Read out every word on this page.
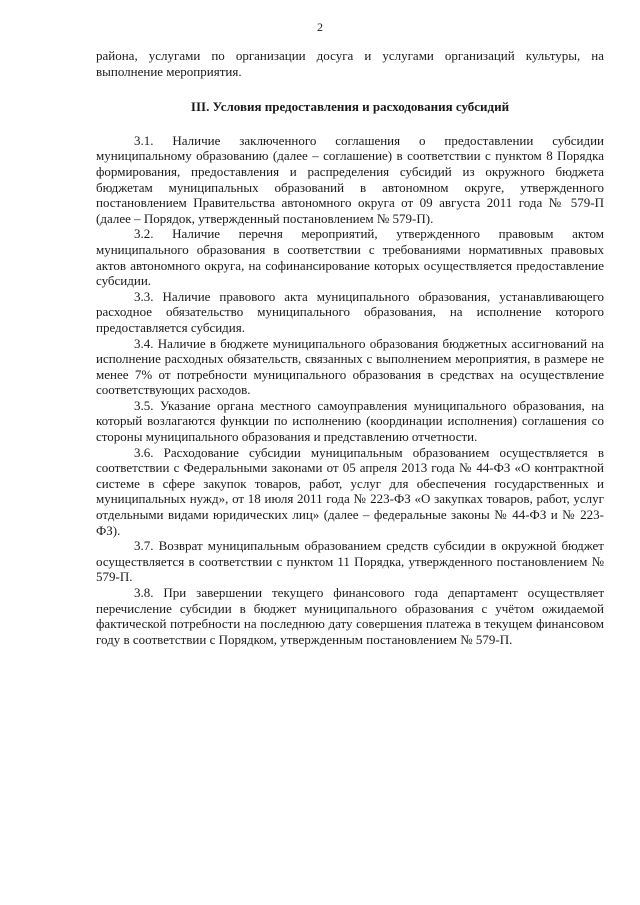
2

района, услугами по организации досуга и услугами организаций культуры, на выполнение мероприятия.

III. Условия предоставления и расходования субсидий

3.1. Наличие заключенного соглашения о предоставлении субсидии муниципальному образованию (далее – соглашение) в соответствии с пунктом 8 Порядка формирования, предоставления и распределения субсидий из окружного бюджета бюджетам муниципальных образований в автономном округе, утвержденного постановлением Правительства автономного округа от 09 августа 2011 года № 579-П (далее – Порядок, утвержденный постановлением № 579-П).

3.2. Наличие перечня мероприятий, утвержденного правовым актом муниципального образования в соответствии с требованиями нормативных правовых актов автономного округа, на софинансирование которых осуществляется предоставление субсидии.

3.3. Наличие правового акта муниципального образования, устанавливающего расходное обязательство муниципального образования, на исполнение которого предоставляется субсидия.

3.4. Наличие в бюджете муниципального образования бюджетных ассигнований на исполнение расходных обязательств, связанных с выполнением мероприятия, в размере не менее 7% от потребности муниципального образования в средствах на осуществление соответствующих расходов.

3.5. Указание органа местного самоуправления муниципального образования, на который возлагаются функции по исполнению (координации исполнения) соглашения со стороны муниципального образования и представлению отчетности.

3.6. Расходование субсидии муниципальным образованием осуществляется в соответствии с Федеральными законами от 05 апреля 2013 года № 44-ФЗ «О контрактной системе в сфере закупок товаров, работ, услуг для обеспечения государственных и муниципальных нужд», от 18 июля 2011 года № 223-ФЗ «О закупках товаров, работ, услуг отдельными видами юридических лиц» (далее – федеральные законы № 44-ФЗ и № 223-ФЗ).

3.7. Возврат муниципальным образованием средств субсидии в окружной бюджет осуществляется в соответствии с пунктом 11 Порядка, утвержденного постановлением № 579-П.

3.8. При завершении текущего финансового года департамент осуществляет перечисление субсидии в бюджет муниципального образования с учётом ожидаемой фактической потребности на последнюю дату совершения платежа в текущем финансовом году в соответствии с Порядком, утвержденным постановлением № 579-П.
